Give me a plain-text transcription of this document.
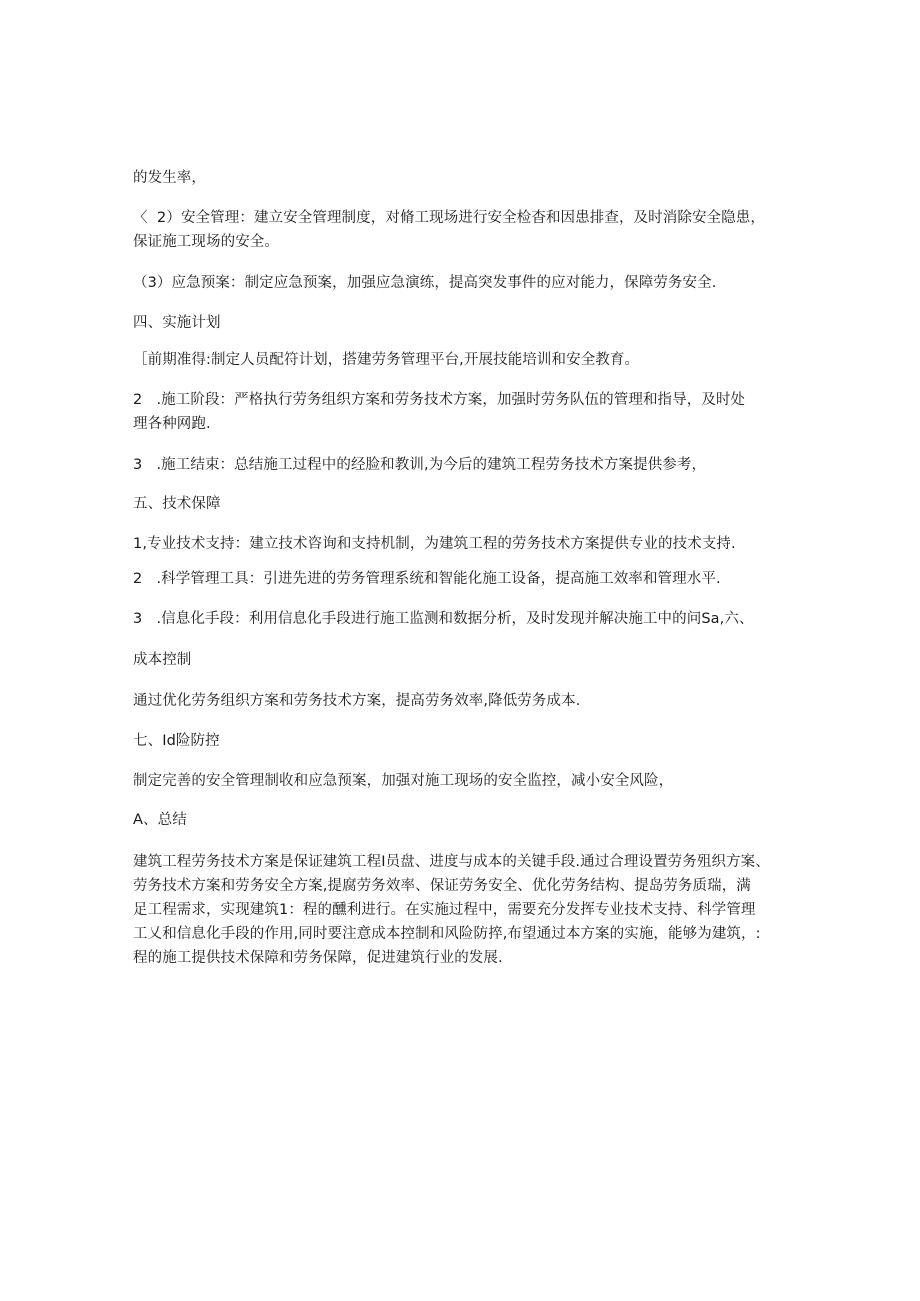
的发生率，
〈  2）安全管理：建立安全管理制度，对脩工现场进行安全检杳和因患排查，及时消除安全隐患，
保证施工现场的安全。
（3）应急预案：制定应急预案，加强应急演练，提高突发事件的应对能力，保障劳务安全.
四、实施计划
［前期准得:制定人员配符计划，搭建劳务管理平台,开展技能培训和安全教育。
2   .施工阶段：严格执行劳务组织方案和劳务技术方案，加强时劳务队伍的管理和指导，及时处
理各种网跑.
3   .施工结束：总结施工过程中的经脸和教训,为今后的建筑工程劳务技术方案提供参考，
五、技术保障
1,专业技术支持：建立技术咨询和支持机制，为建筑工程的劳务技术方案提供专业的技术支持.
2   .科学管理工具：引进先进的劳务管理系统和智能化施工设备，提高施工效率和管理水平.
3   .信息化手段：利用信息化手段进行施工监测和数据分析，及时发现并解决施工中的问Sa,六、
成本控制
通过优化劳务组织方案和劳务技术方案，提高劳务效率,降低劳务成本.
七、Id险防控
制定完善的安全管理制收和应急预案，加强对施工现场的安全监控，减小安全风险，
A、总结
建筑工程劳务技术方案是保证建筑工程I员盘、进度与成本的关键手段.通过合理设置劳务殂织方案、
劳务技术方案和劳务安全方案,提腐劳务效率、保证劳务安全、优化劳务结构、提岛劳务质瑞，满
足工程需求，实现建筑1：程的醺利进行。在实施过程中，需要充分发挥专业技术支持、科学管理
工乂和信息化手段的作用,同时要注意成本控制和风险防捽,布望通过本方案的实施，能够为建筑，:
程的施工提供技术保障和劳务保障，促进建筑行业的发展.
